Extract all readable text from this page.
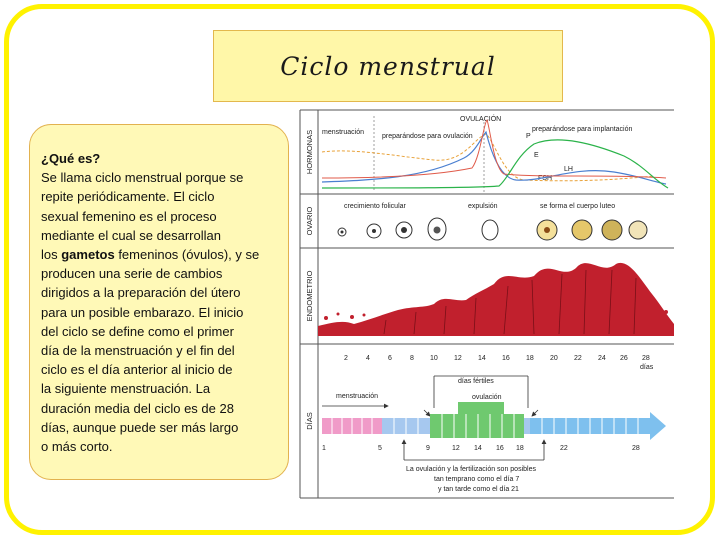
Ciclo menstrual

¿Qué es?

Se llama ciclo menstrual porque se

repite periódicamente. El ciclo

sexual femenino es el proceso

mediante el cual se desarrollan

los gametos femeninos (óvulos), y se

producen una serie de cambios

dirigidos a la preparación del útero

para un posible embarazo. El inicio

del ciclo se define como el primer

día de la menstruación y el fin del

ciclo es el día anterior al inicio de

la siguiente menstruación. La

duración media del ciclo es de 28

días, aunque puede ser más largo

o más corto.

HORMONAS
OVARIO
ENDOMETRIO
DÍAS
menstruación
preparándose para ovulación
OVULACIÓN
preparándose para implantación
P
E
LH
FSH
crecimiento folicular	expulsión	se forma el cuerpo luteo
2	4	6	8 10 12 14 16 18 20 22 24 26 28
días
días fértiles
menstruación	ovulación
1	5	9	12 14 16 18	22	28
La ovulación y la fertilización son posibles
tan temprano como el día 7
y tan tarde como el día 21
